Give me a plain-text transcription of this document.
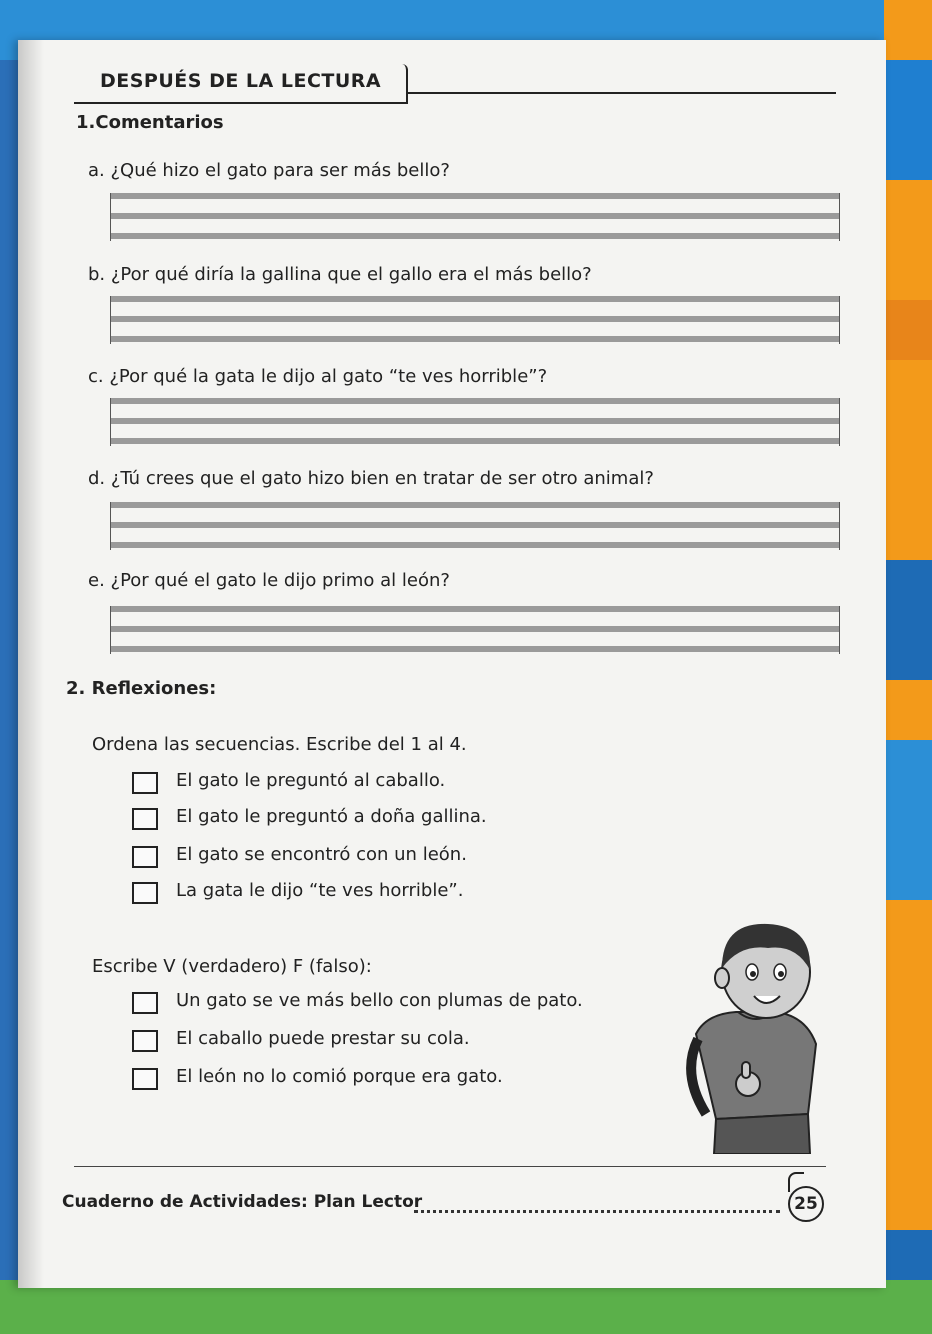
DESPUÉS DE LA LECTURA
1.Comentarios
a. ¿Qué hizo el gato para ser más bello?
b. ¿Por qué diría la gallina que el gallo era el más bello?
c. ¿Por qué la gata le dijo al gato “te ves horrible”?
d. ¿Tú crees que el gato hizo bien en tratar de ser otro animal?
e. ¿Por qué el gato le dijo primo al león?
2. Reflexiones:
Ordena las secuencias. Escribe del 1 al 4.
El gato le preguntó al caballo.
El gato le preguntó a doña gallina.
El gato se encontró con un león.
La gata le dijo “te ves horrible”.
Escribe V (verdadero) F (falso):
Un gato se ve más bello con plumas de pato.
El caballo puede prestar su cola.
El león no lo comió porque era gato.
Cuaderno de Actividades: Plan Lector	25
